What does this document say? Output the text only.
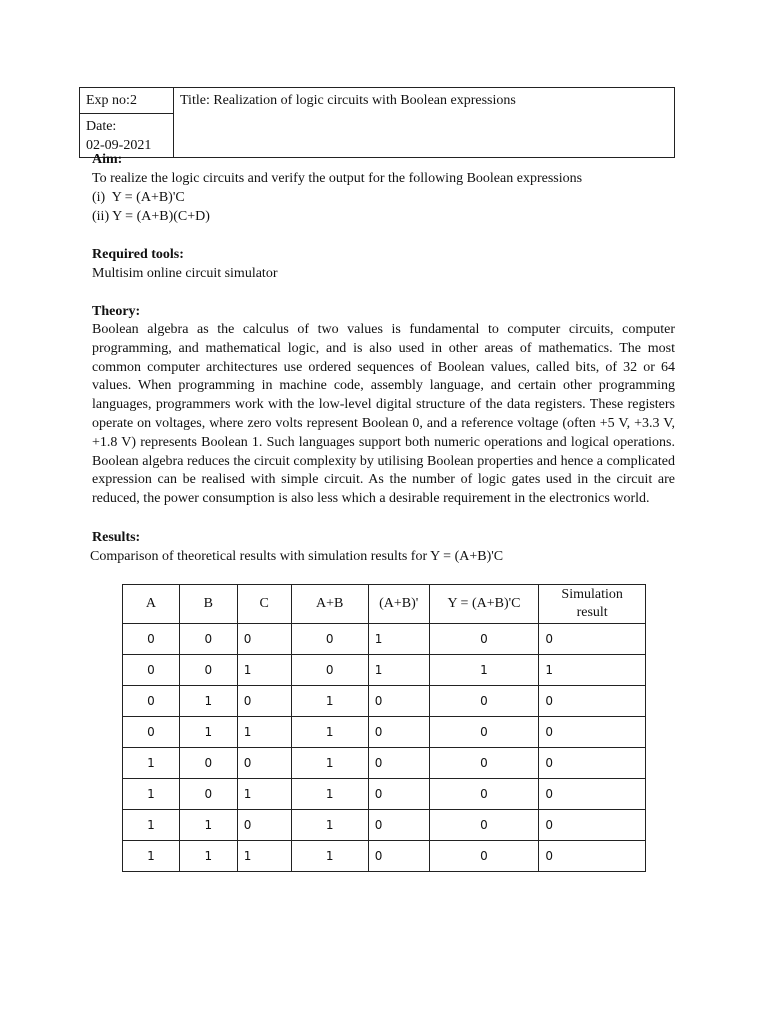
Exp no:2	Title: Realization of logic circuits with Boolean expressions

Date:
02-09-2021

Aim:

To realize the logic circuits and verify the output for the following Boolean expressions

(i)  Y = (A+B)'C

(ii) Y = (A+B)(C+D)

Required tools:

Multisim online circuit simulator

Theory:

Boolean algebra as the calculus of two values is fundamental to computer circuits, computer programming, and mathematical logic, and is also used in other areas of mathematics. The most common computer architectures use ordered sequences of Boolean values, called bits, of 32 or 64 values. When programming in machine code, assembly language, and certain other programming languages, programmers work with the low-level digital structure of the data registers. These registers operate on voltages, where zero volts represent Boolean 0, and a reference voltage (often +5 V, +3.3 V, +1.8 V) represents Boolean 1. Such languages support both numeric operations and logical operations. Boolean algebra reduces the circuit complexity by utilising Boolean properties and hence a complicated expression can be realised with simple circuit. As the number of logic gates used in the circuit are reduced, the power consumption is also less which a desirable requirement in the electronics world.

Results:

Comparison of theoretical results with simulation results for Y = (A+B)'C

A	B	C	A+B	(A+B)'	Y = (A+B)'C	Simulation result
0	0	0	0	1	0	0
0	0	1	0	1	1	1
0	1	0	1	0	0	0
0	1	1	1	0	0	0
1	0	0	1	0	0	0
1	0	1	1	0	0	0
1	1	0	1	0	0	0
1	1	1	1	0	0	0
